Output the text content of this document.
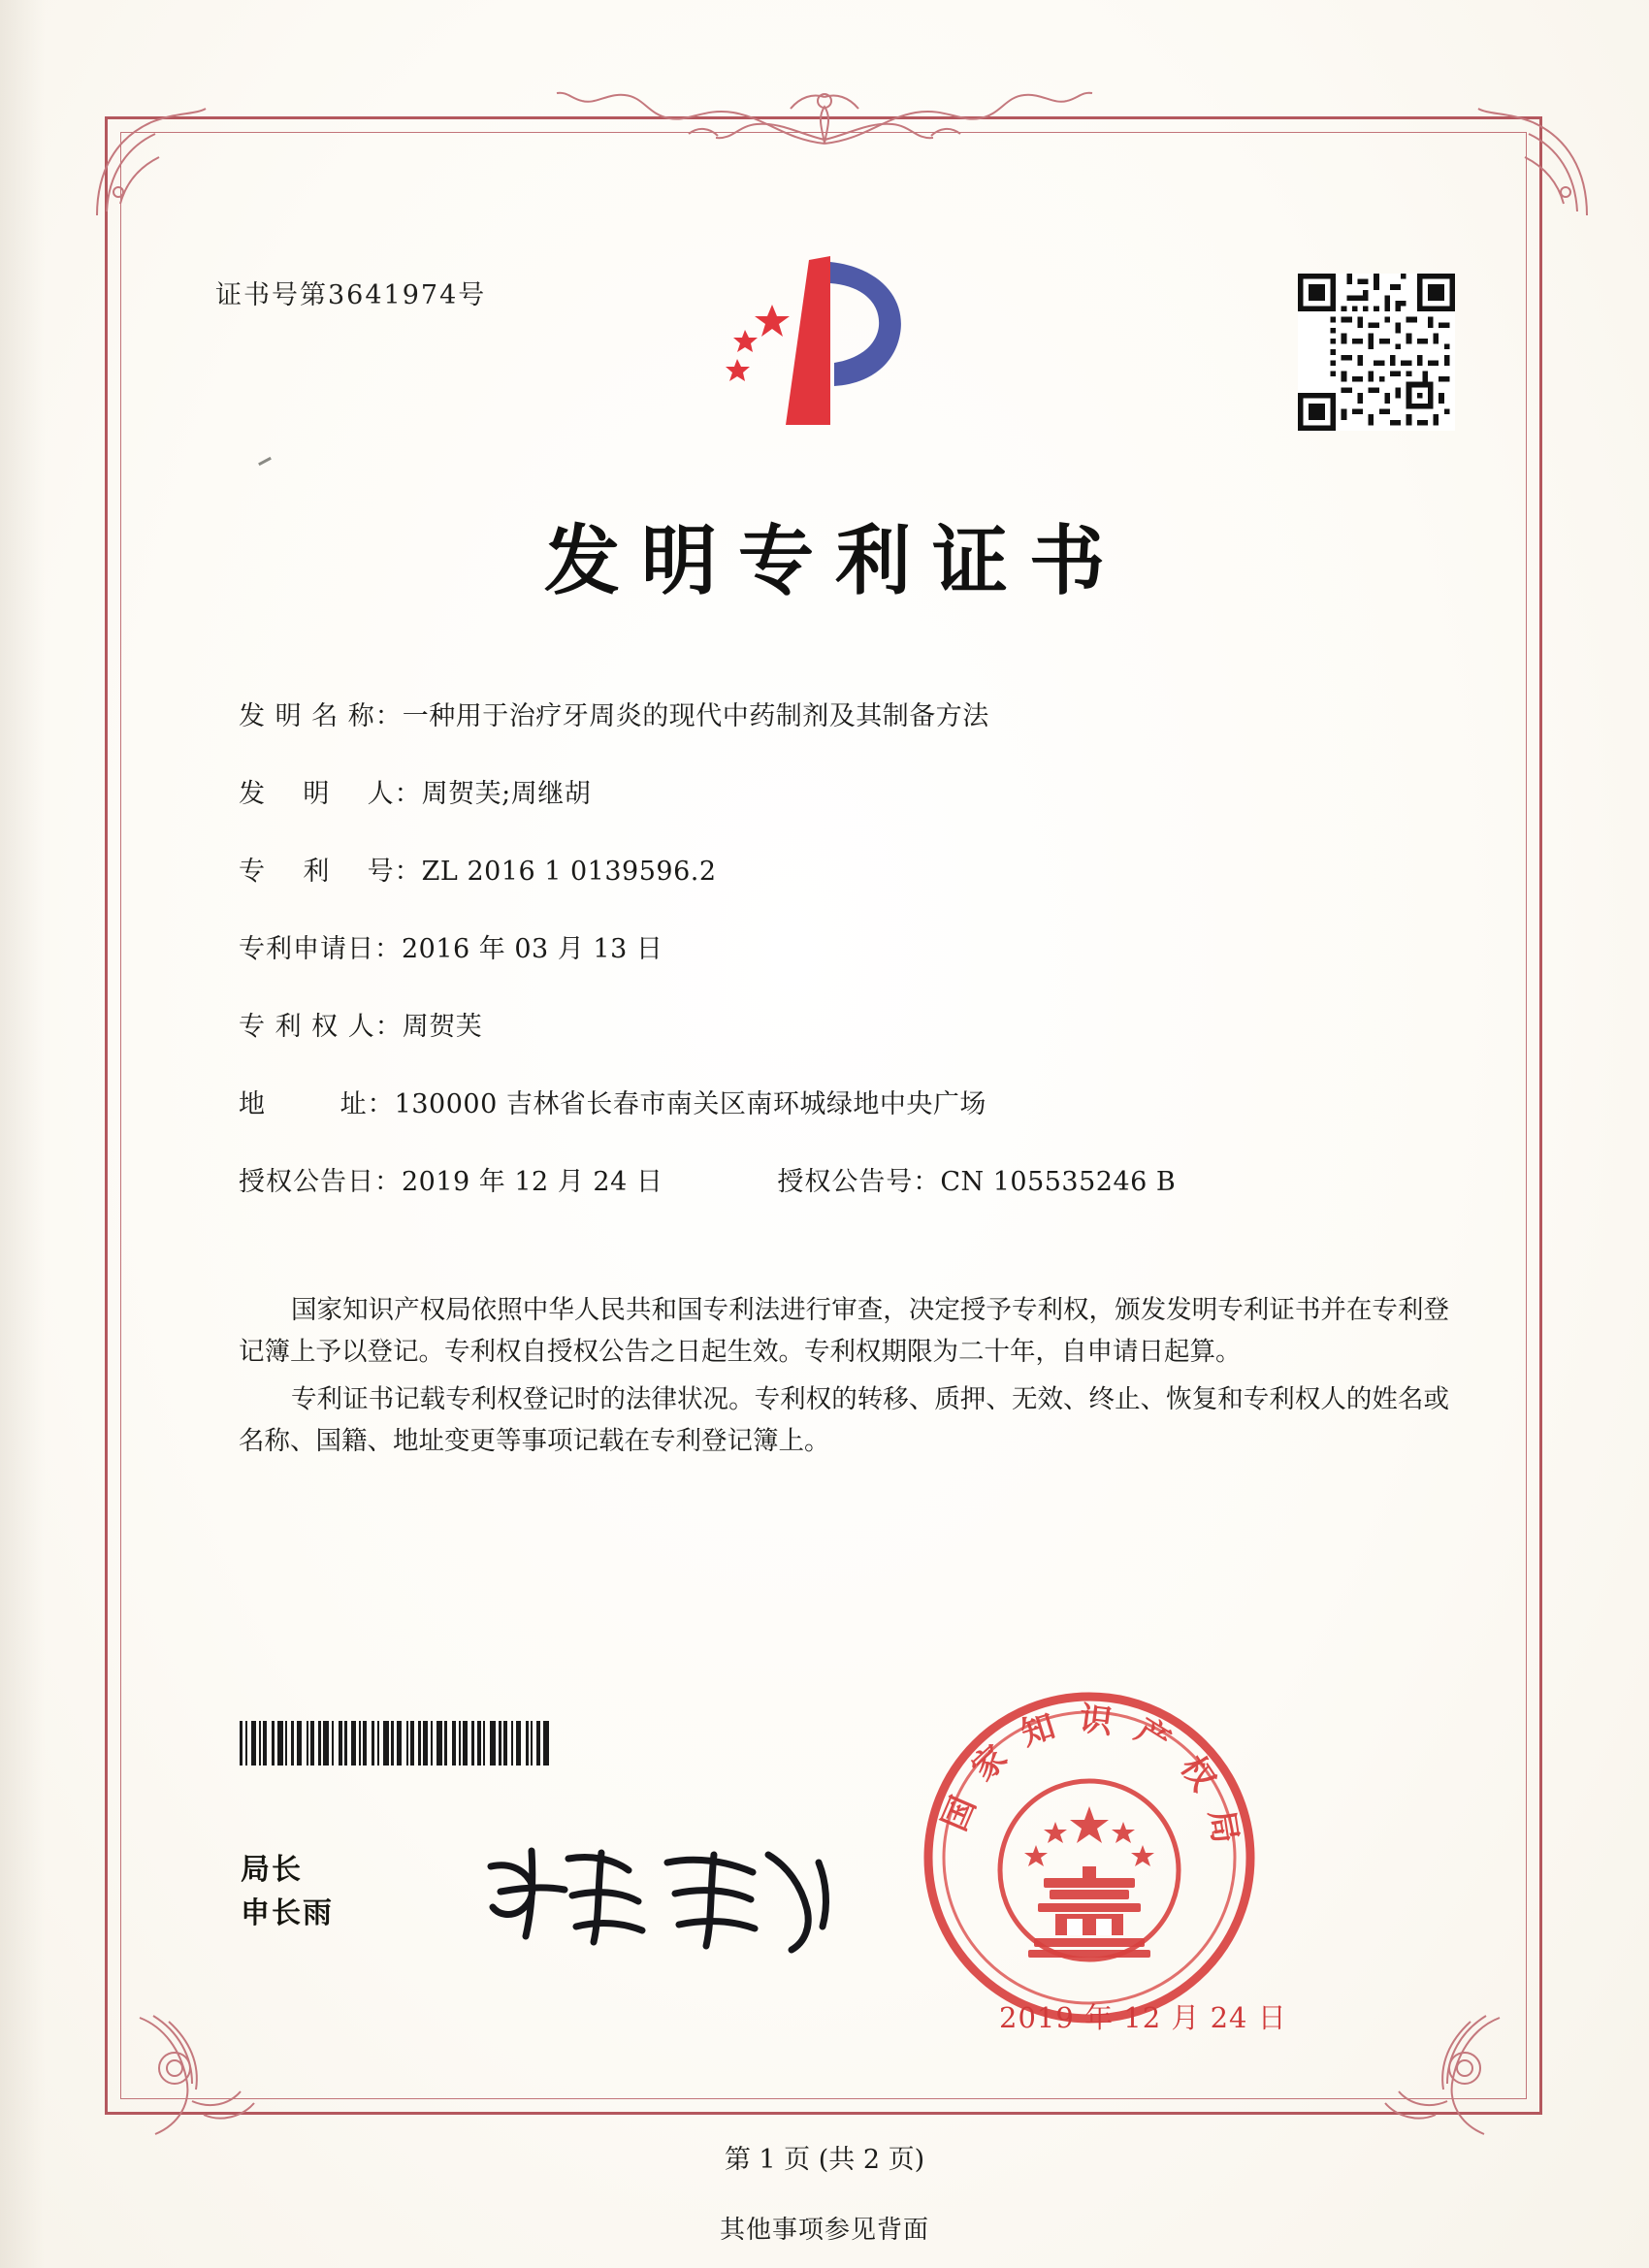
证书号第3641974号
发明专利证书
发 明 名 称： 一种用于治疗牙周炎的现代中药制剂及其制备方法
发    明    人： 周贺芙;周继胡
专    利    号： ZL 2016 1 0139596.2
专利申请日： 2016 年 03 月 13 日
专 利 权 人： 周贺芙
地        址： 130000 吉林省长春市南关区南环城绿地中央广场
授权公告日： 2019 年 12 月 24 日	授权公告号： CN 105535246 B

国家知识产权局依照中华人民共和国专利法进行审查，决定授予专利权，颁发发明专利证书并在专利登记簿上予以登记。专利权自授权公告之日起生效。专利权期限为二十年，自申请日起算。

专利证书记载专利权登记时的法律状况。专利权的转移、质押、无效、终止、恢复和专利权人的姓名或名称、国籍、地址变更等事项记载在专利登记簿上。

局长
申长雨
国家知识产权局
2019 年 12 月 24 日
第 1 页 (共 2 页)
其他事项参见背面
